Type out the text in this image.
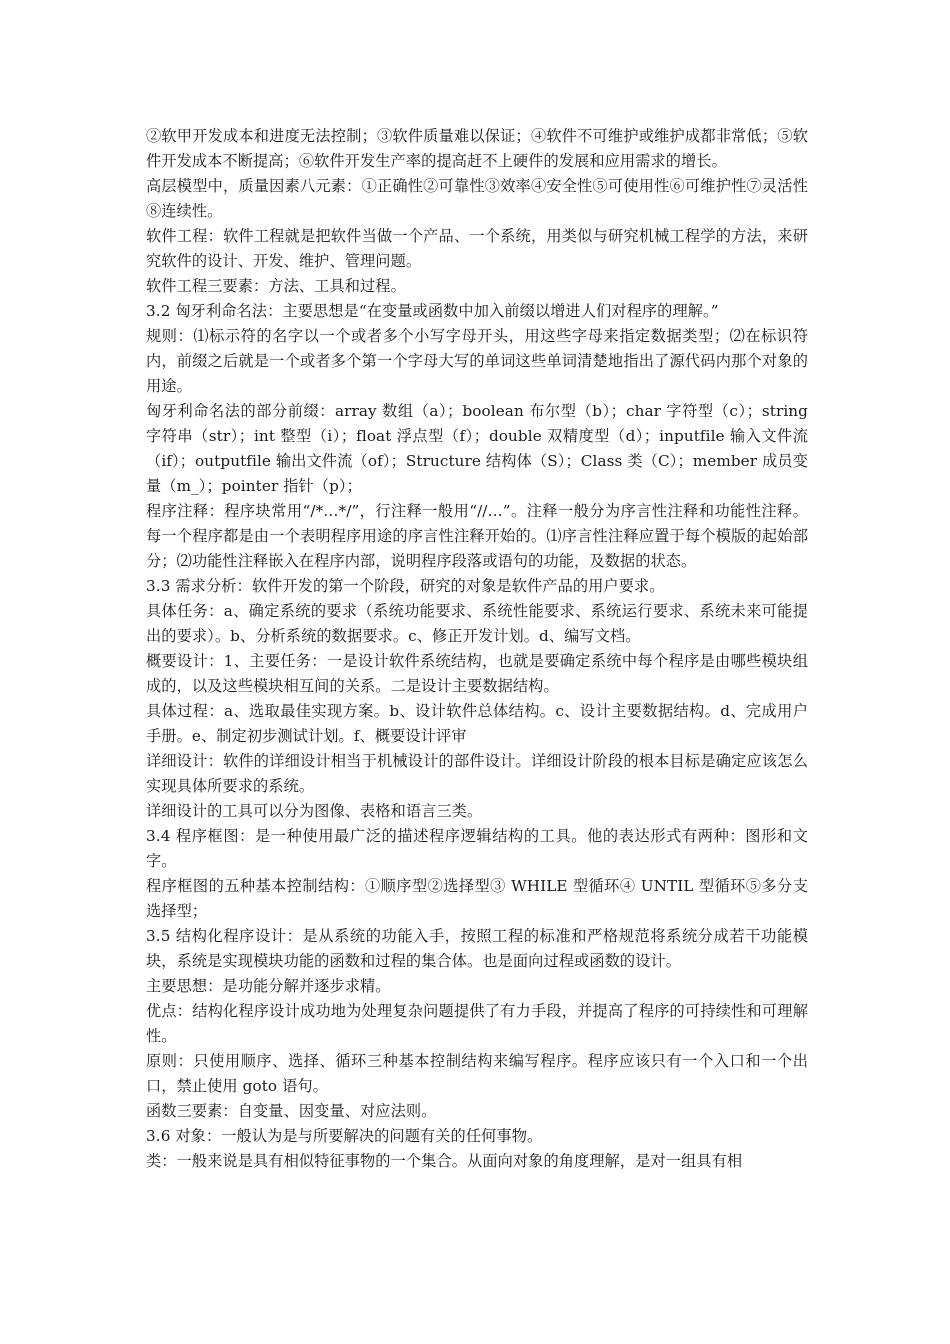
②软甲开发成本和进度无法控制；③软件质量难以保证；④软件不可维护或维护成都非常低；⑤软件开发成本不断提高；⑥软件开发生产率的提高赶不上硬件的发展和应用需求的增长。

高层模型中，质量因素八元素：①正确性②可靠性③效率④安全性⑤可使用性⑥可维护性⑦灵活性⑧连续性。

软件工程：软件工程就是把软件当做一个产品、一个系统，用类似与研究机械工程学的方法，来研究软件的设计、开发、维护、管理问题。

软件工程三要素：方法、工具和过程。

3.2 匈牙利命名法：主要思想是“在变量或函数中加入前缀以增进人们对程序的理解。”

规则：⑴标示符的名字以一个或者多个小写字母开头，用这些字母来指定数据类型；⑵在标识符内，前缀之后就是一个或者多个第一个字母大写的单词这些单词清楚地指出了源代码内那个对象的用途。

匈牙利命名法的部分前缀：array 数组（a）；boolean 布尔型（b）；char 字符型（c）；string 字符串（str）；int 整型（i）；float 浮点型（f）；double 双精度型（d）；inputfile 输入文件流（if）；outputfile 输出文件流（of）；Structure 结构体（S）；Class 类（C）；member 成员变量（m_）；pointer 指针（p）；

程序注释：程序块常用“/*…*/”，行注释一般用“//…”。注释一般分为序言性注释和功能性注释。每一个程序都是由一个表明程序用途的序言性注释开始的。⑴序言性注释应置于每个模版的起始部分；⑵功能性注释嵌入在程序内部，说明程序段落或语句的功能，及数据的状态。

3.3 需求分析：软件开发的第一个阶段，研究的对象是软件产品的用户要求。

具体任务：a、确定系统的要求（系统功能要求、系统性能要求、系统运行要求、系统未来可能提出的要求）。b、分析系统的数据要求。c、修正开发计划。d、编写文档。

概要设计：1、主要任务：一是设计软件系统结构，也就是要确定系统中每个程序是由哪些模块组成的，以及这些模块相互间的关系。二是设计主要数据结构。

具体过程：a、选取最佳实现方案。b、设计软件总体结构。c、设计主要数据结构。d、完成用户手册。e、制定初步测试计划。f、概要设计评审

详细设计：软件的详细设计相当于机械设计的部件设计。详细设计阶段的根本目标是确定应该怎么实现具体所要求的系统。

详细设计的工具可以分为图像、表格和语言三类。

3.4 程序框图：是一种使用最广泛的描述程序逻辑结构的工具。他的表达形式有两种：图形和文字。

程序框图的五种基本控制结构：①顺序型②选择型③ WHILE 型循环④ UNTIL 型循环⑤多分支选择型；

3.5 结构化程序设计：是从系统的功能入手，按照工程的标准和严格规范将系统分成若干功能模块，系统是实现模块功能的函数和过程的集合体。也是面向过程或函数的设计。

主要思想：是功能分解并逐步求精。

优点：结构化程序设计成功地为处理复杂问题提供了有力手段，并提高了程序的可持续性和可理解性。

原则：只使用顺序、选择、循环三种基本控制结构来编写程序。程序应该只有一个入口和一个出口，禁止使用 goto 语句。

函数三要素：自变量、因变量、对应法则。

3.6 对象：一般认为是与所要解决的问题有关的任何事物。

类：一般来说是具有相似特征事物的一个集合。从面向对象的角度理解，是对一组具有相
